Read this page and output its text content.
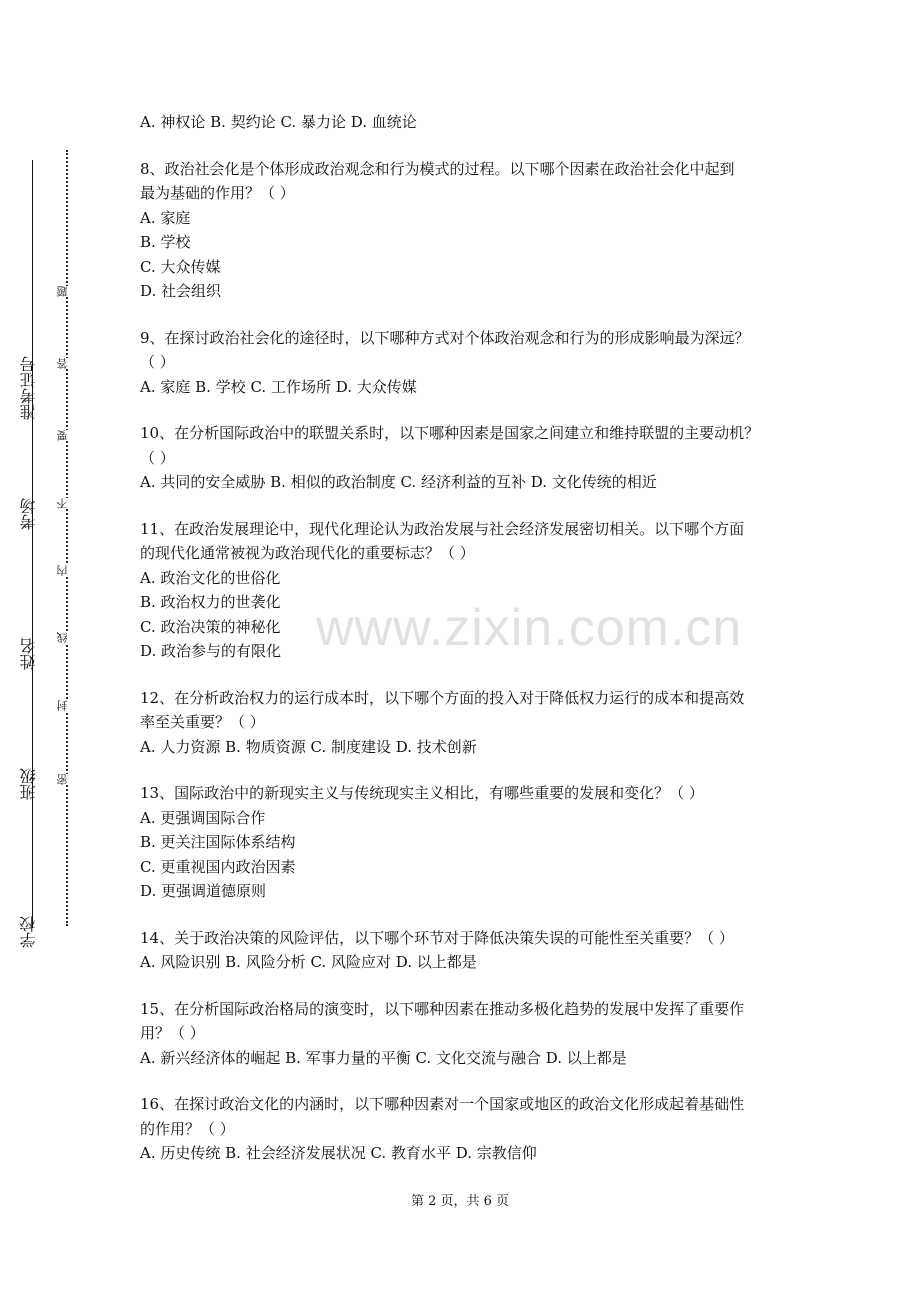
学校
班级
姓名
考场
准考证号
密
封
线
内
不
要
答
题
A. 神权论 B. 契约论 C. 暴力论 D. 血统论
8、政治社会化是个体形成政治观念和行为模式的过程。以下哪个因素在政治社会化中起到
最为基础的作用？（ ）
A. 家庭
B. 学校
C. 大众传媒
D. 社会组织
9、在探讨政治社会化的途径时，以下哪种方式对个体政治观念和行为的形成影响最为深远？
（ ）
A. 家庭 B. 学校 C. 工作场所 D. 大众传媒
10、在分析国际政治中的联盟关系时，以下哪种因素是国家之间建立和维持联盟的主要动机？
（ ）
A. 共同的安全威胁 B. 相似的政治制度 C. 经济利益的互补 D. 文化传统的相近
11、在政治发展理论中，现代化理论认为政治发展与社会经济发展密切相关。以下哪个方面
的现代化通常被视为政治现代化的重要标志？（ ）
A. 政治文化的世俗化
B. 政治权力的世袭化
C. 政治决策的神秘化
D. 政治参与的有限化
12、在分析政治权力的运行成本时，以下哪个方面的投入对于降低权力运行的成本和提高效
率至关重要？（ ）
A. 人力资源 B. 物质资源 C. 制度建设 D. 技术创新
13、国际政治中的新现实主义与传统现实主义相比，有哪些重要的发展和变化？（ ）
A. 更强调国际合作
B. 更关注国际体系结构
C. 更重视国内政治因素
D. 更强调道德原则
14、关于政治决策的风险评估，以下哪个环节对于降低决策失误的可能性至关重要？（ ）
A. 风险识别 B. 风险分析 C. 风险应对 D. 以上都是
15、在分析国际政治格局的演变时，以下哪种因素在推动多极化趋势的发展中发挥了重要作
用？（ ）
A. 新兴经济体的崛起 B. 军事力量的平衡 C. 文化交流与融合 D. 以上都是
16、在探讨政治文化的内涵时，以下哪种因素对一个国家或地区的政治文化形成起着基础性
的作用？（ ）
A. 历史传统 B. 社会经济发展状况 C. 教育水平 D. 宗教信仰
www.zixin.com.cn
第 2 页，共 6 页
